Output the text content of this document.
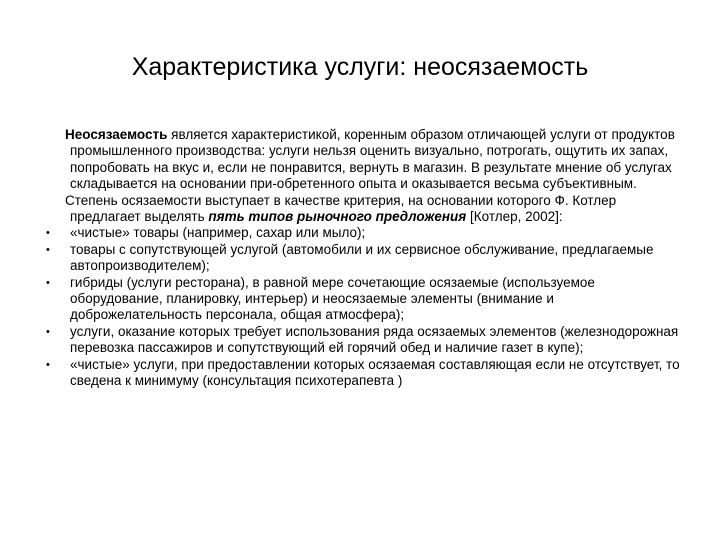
Характеристика услуги: неосязаемость

Неосязаемость является характеристикой, коренным образом отличающей услуги от продуктов промышленного производства: услуги нельзя оценить визуально, потрогать, ощутить их запах, попробовать на вкус и, если не понравится, вернуть в магазин. В результате мнение об услугах складывается на основании при-обретенного опыта и оказывается весьма субъективным.

Степень осязаемости выступает в качестве критерия, на основании которого Ф. Котлер предлагает выделять пять типов рыночного предложения [Котлер, 2002]:

•	«чистые» товары (например, сахар или мыло);
•	товары с сопутствующей услугой (автомобили и их сервисное обслуживание, предлагаемые автопроизводителем);
•	гибриды (услуги ресторана), в равной мере сочетающие осязаемые (используемое оборудование, планировку, интерьер) и неосязаемые элементы (внимание и доброжелательность персонала, общая атмосфера);
•	услуги, оказание которых требует использования ряда осязаемых элементов (железнодорожная перевозка пассажиров и сопутствующий ей горячий обед и наличие газет в купе);
•	«чистые» услуги, при предоставлении которых осязаемая составляющая если не отсутствует, то сведена к минимуму (консультация психотерапевта )
